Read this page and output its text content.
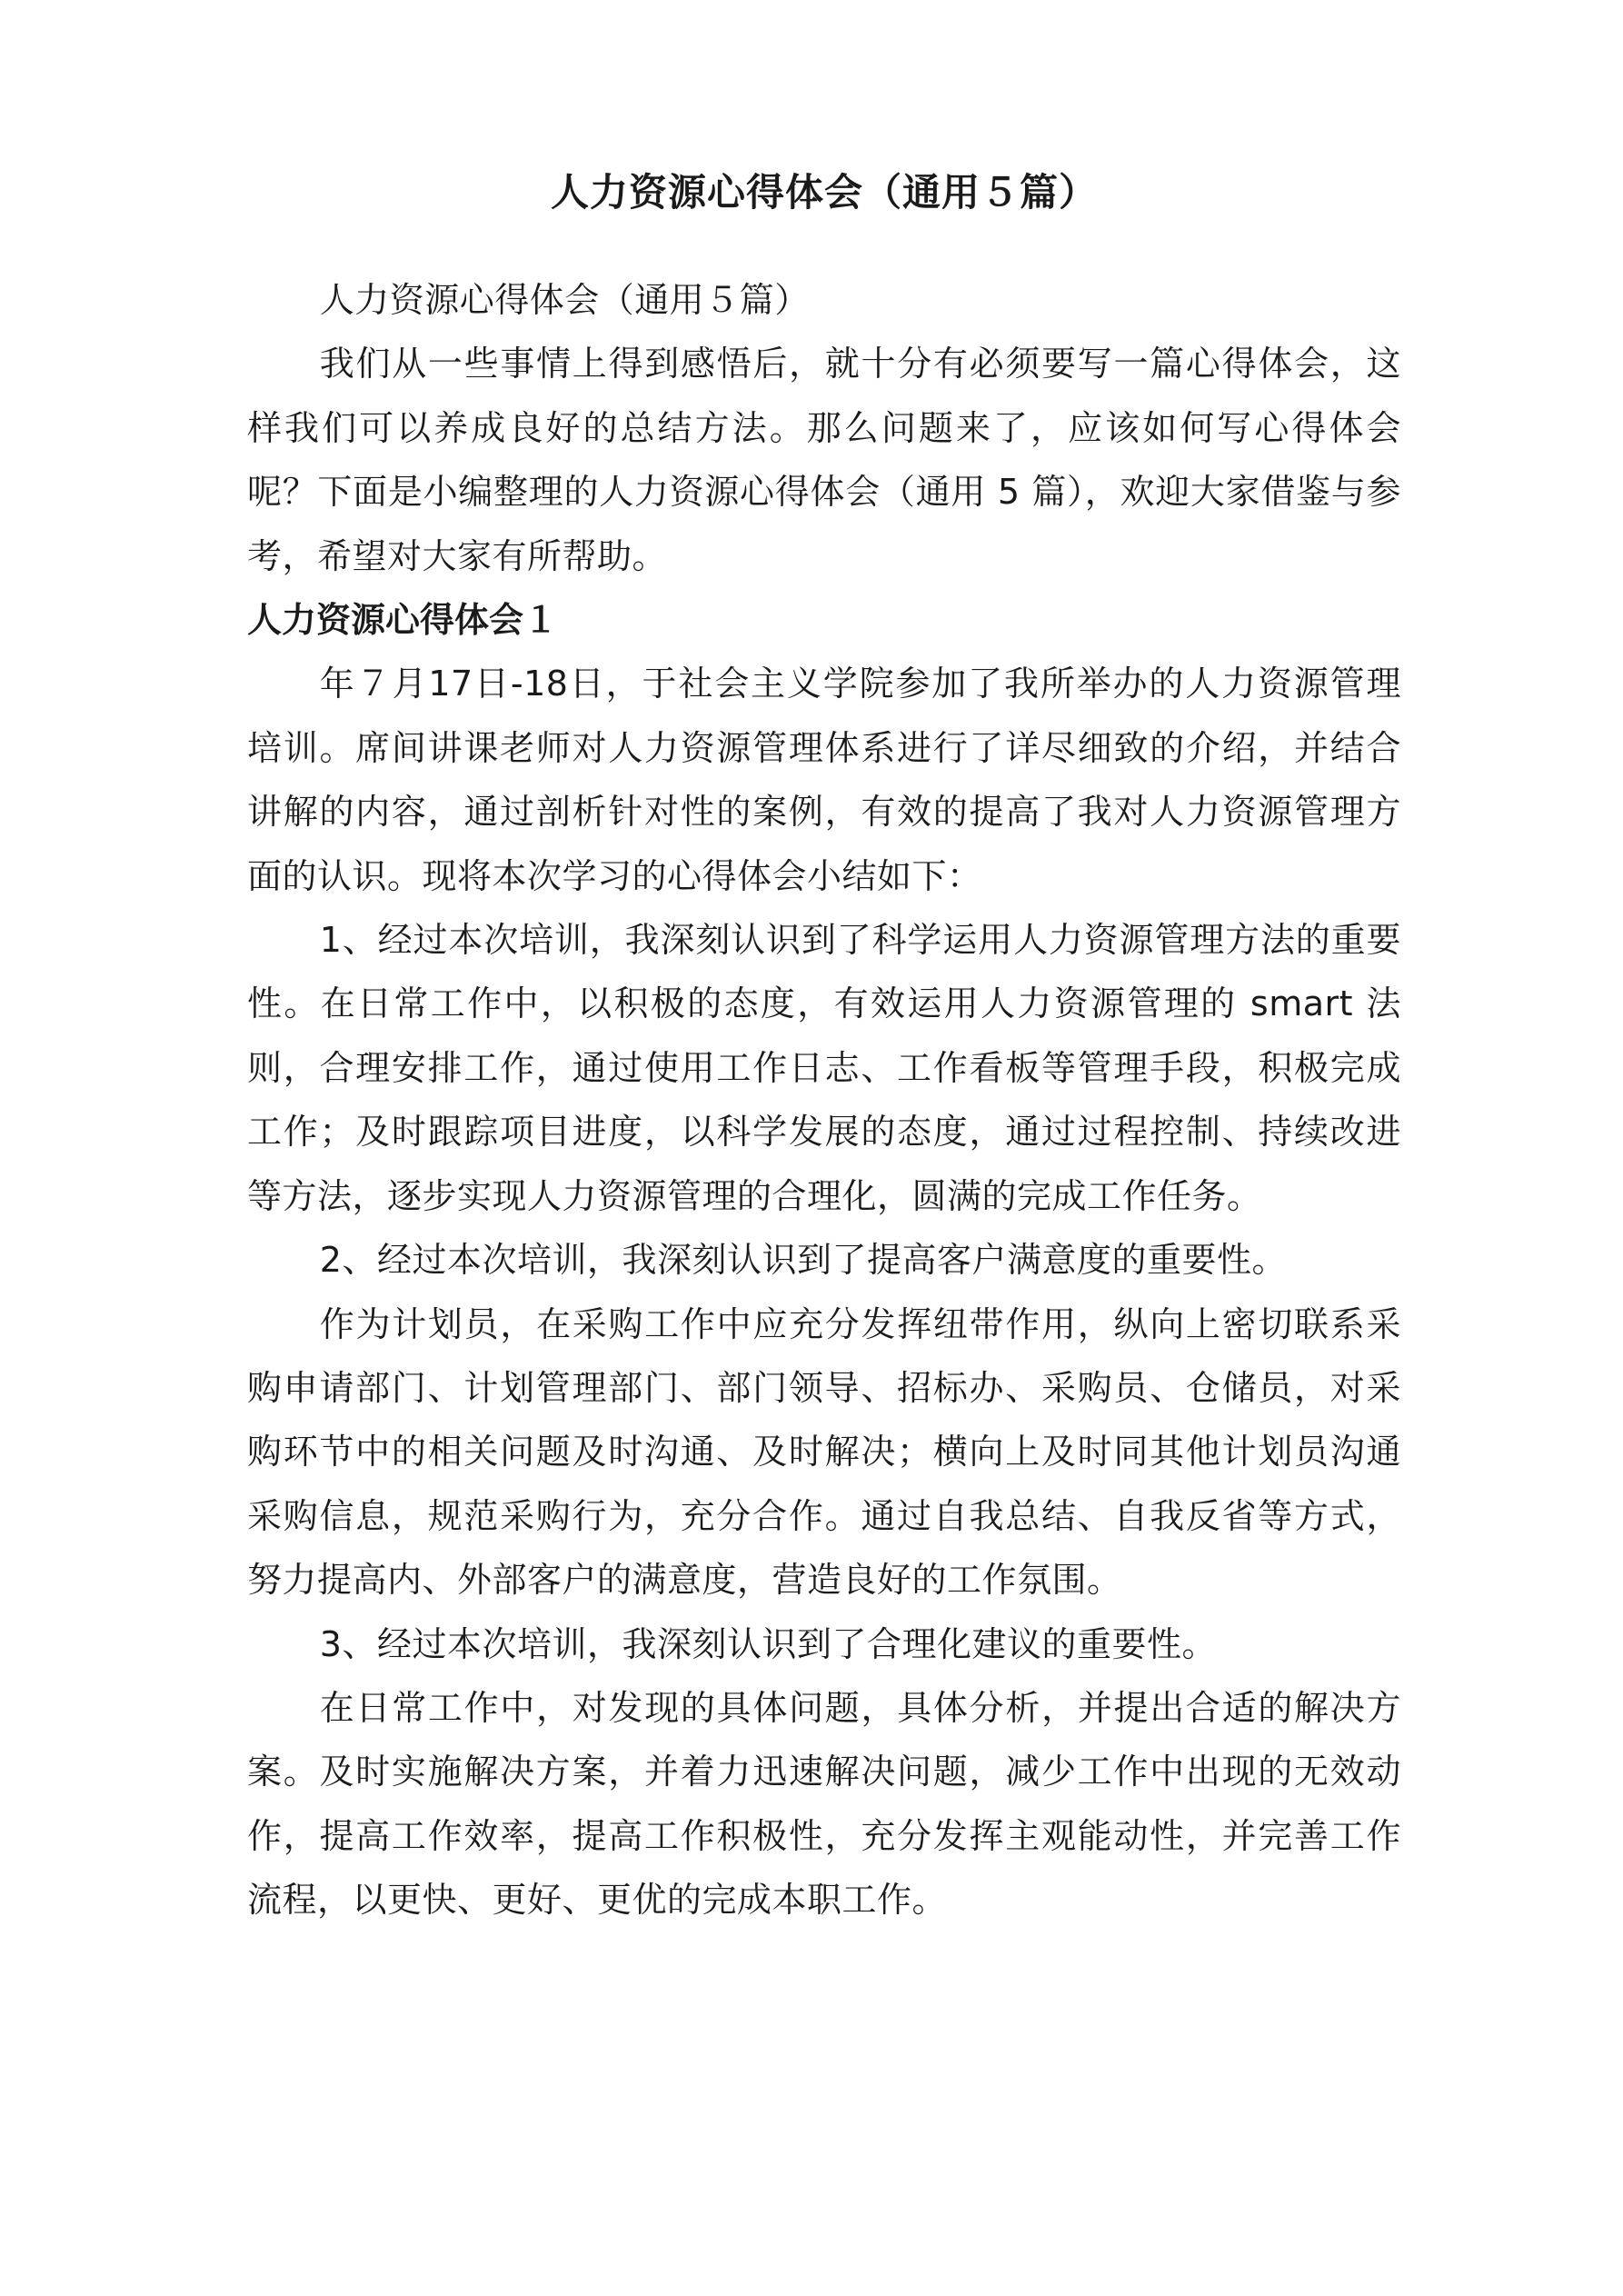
人力资源心得体会（通用５篇）

人力资源心得体会（通用５篇）

我们从一些事情上得到感悟后，就十分有必须要写一篇心得体会，这样我们可以养成良好的总结方法。那么问题来了，应该如何写心得体会呢？下面是小编整理的人力资源心得体会（通用 5 篇），欢迎大家借鉴与参考，希望对大家有所帮助。

人力资源心得体会１

年７月17日-18日，于社会主义学院参加了我所举办的人力资源管理培训。席间讲课老师对人力资源管理体系进行了详尽细致的介绍，并结合讲解的内容，通过剖析针对性的案例，有效的提高了我对人力资源管理方面的认识。现将本次学习的心得体会小结如下：

1、经过本次培训，我深刻认识到了科学运用人力资源管理方法的重要性。在日常工作中，以积极的态度，有效运用人力资源管理的 smart 法则，合理安排工作，通过使用工作日志、工作看板等管理手段，积极完成工作；及时跟踪项目进度，以科学发展的态度，通过过程控制、持续改进等方法，逐步实现人力资源管理的合理化，圆满的完成工作任务。

2、经过本次培训，我深刻认识到了提高客户满意度的重要性。

作为计划员，在采购工作中应充分发挥纽带作用，纵向上密切联系采购申请部门、计划管理部门、部门领导、招标办、采购员、仓储员，对采购环节中的相关问题及时沟通、及时解决；横向上及时同其他计划员沟通采购信息，规范采购行为，充分合作。通过自我总结、自我反省等方式，努力提高内、外部客户的满意度，营造良好的工作氛围。

3、经过本次培训，我深刻认识到了合理化建议的重要性。

在日常工作中，对发现的具体问题，具体分析，并提出合适的解决方案。及时实施解决方案，并着力迅速解决问题，减少工作中出现的无效动作，提高工作效率，提高工作积极性，充分发挥主观能动性，并完善工作流程，以更快、更好、更优的完成本职工作。
